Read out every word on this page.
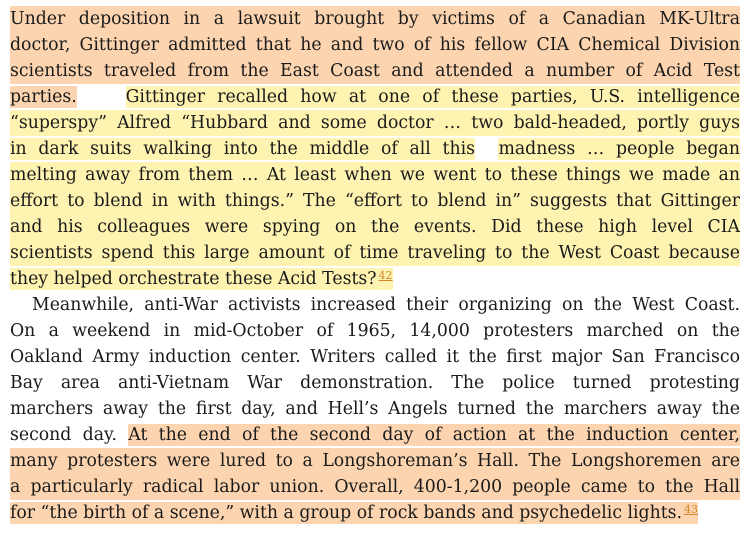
Under deposition in a lawsuit brought by victims of a Canadian MK-Ultra
doctor, Gittinger admitted that he and two of his fellow CIA Chemical Division
scientists traveled from the East Coast and attended a number of Acid Test
parties.	Gittinger recalled how at one of these parties, U.S. intelligence
“superspy” Alfred “Hubbard and some doctor … two bald-headed, portly guys
in dark suits walking into the middle of all this madness … people began
melting away from them … At least when we went to these things we made an
effort to blend in with things.” The “effort to blend in” suggests that Gittinger
and his colleagues were spying on the events. Did these high level CIA
scientists spend this large amount of time traveling to the West Coast because
they helped orchestrate these Acid Tests? $^{42}$
Meanwhile, anti-War activists increased their organizing on the West Coast.
On a weekend in mid-October of 1965, 14,000 protesters marched on the
Oakland Army induction center. Writers called it the first major San Francisco
Bay area anti-Vietnam War demonstration. The police turned protesting
marchers away the first day, and Hell’s Angels turned the marchers away the
second day. At the end of the second day of action at the induction center,
many protesters were lured to a Longshoreman’s Hall. The Longshoremen are
a particularly radical labor union. Overall, 400-1,200 people came to the Hall
for “the birth of a scene,” with a group of rock bands and psychedelic lights. $^{43}$
